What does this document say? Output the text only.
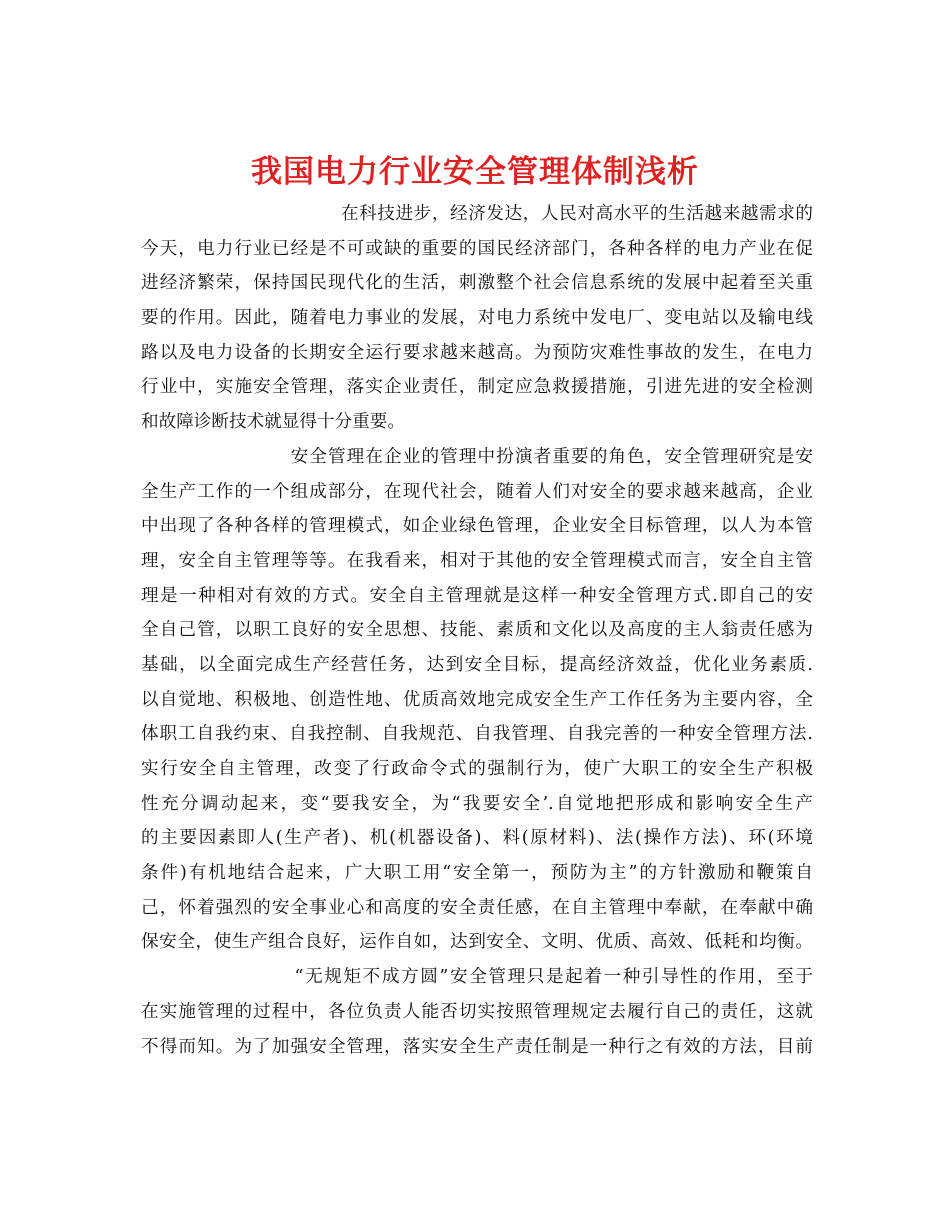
我国电力行业安全管理体制浅析
　　　　　　　　　　　在科技进步，经济发达，人民对高水平的生活越来越需求的
今天，电力行业已经是不可或缺的重要的国民经济部门，各种各样的电力产业在促
进经济繁荣，保持国民现代化的生活，刺激整个社会信息系统的发展中起着至关重
要的作用。因此，随着电力事业的发展，对电力系统中发电厂、变电站以及输电线
路以及电力设备的长期安全运行要求越来越高。为预防灾难性事故的发生，在电力
行业中，实施安全管理，落实企业责任，制定应急救援措施，引进先进的安全检测
和故障诊断技术就显得十分重要。
　　　　　　　　安全管理在企业的管理中扮演者重要的角色，安全管理研究是安
全生产工作的一个组成部分，在现代社会，随着人们对安全的要求越来越高，企业
中出现了各种各样的管理模式，如企业绿色管理，企业安全目标管理，以人为本管
理，安全自主管理等等。在我看来，相对于其他的安全管理模式而言，安全自主管
理是一种相对有效的方式。安全自主管理就是这样一种安全管理方式.即自己的安
全自己管，以职工良好的安全思想、技能、素质和文化以及高度的主人翁责任感为
基础，以全面完成生产经营任务，达到安全目标，提高经济效益，优化业务素质.
以自觉地、积极地、创造性地、优质高效地完成安全生产工作任务为主要内容，全
体职工自我约束、自我控制、自我规范、自我管理、自我完善的一种安全管理方法.
实行安全自主管理，改变了行政命令式的强制行为，使广大职工的安全生产积极
性充分调动起来，变“要我安全，为“我要安全’.自觉地把形成和影响安全生产
的主要因素即人(生产者)、机(机器设备)、料(原材料)、法(操作方法)、环(环境
条件)有机地结合起来，广大职工用“安全第一，预防为主”的方针激励和鞭策自
己，怀着强烈的安全事业心和高度的安全责任感，在自主管理中奉献，在奉献中确
保安全，使生产组合良好，运作自如，达到安全、文明、优质、高效、低耗和均衡。
　　　　　　　　“无规矩不成方圆”安全管理只是起着一种引导性的作用，至于
在实施管理的过程中，各位负责人能否切实按照管理规定去履行自己的责任，这就
不得而知。为了加强安全管理，落实安全生产责任制是一种行之有效的方法，目前
